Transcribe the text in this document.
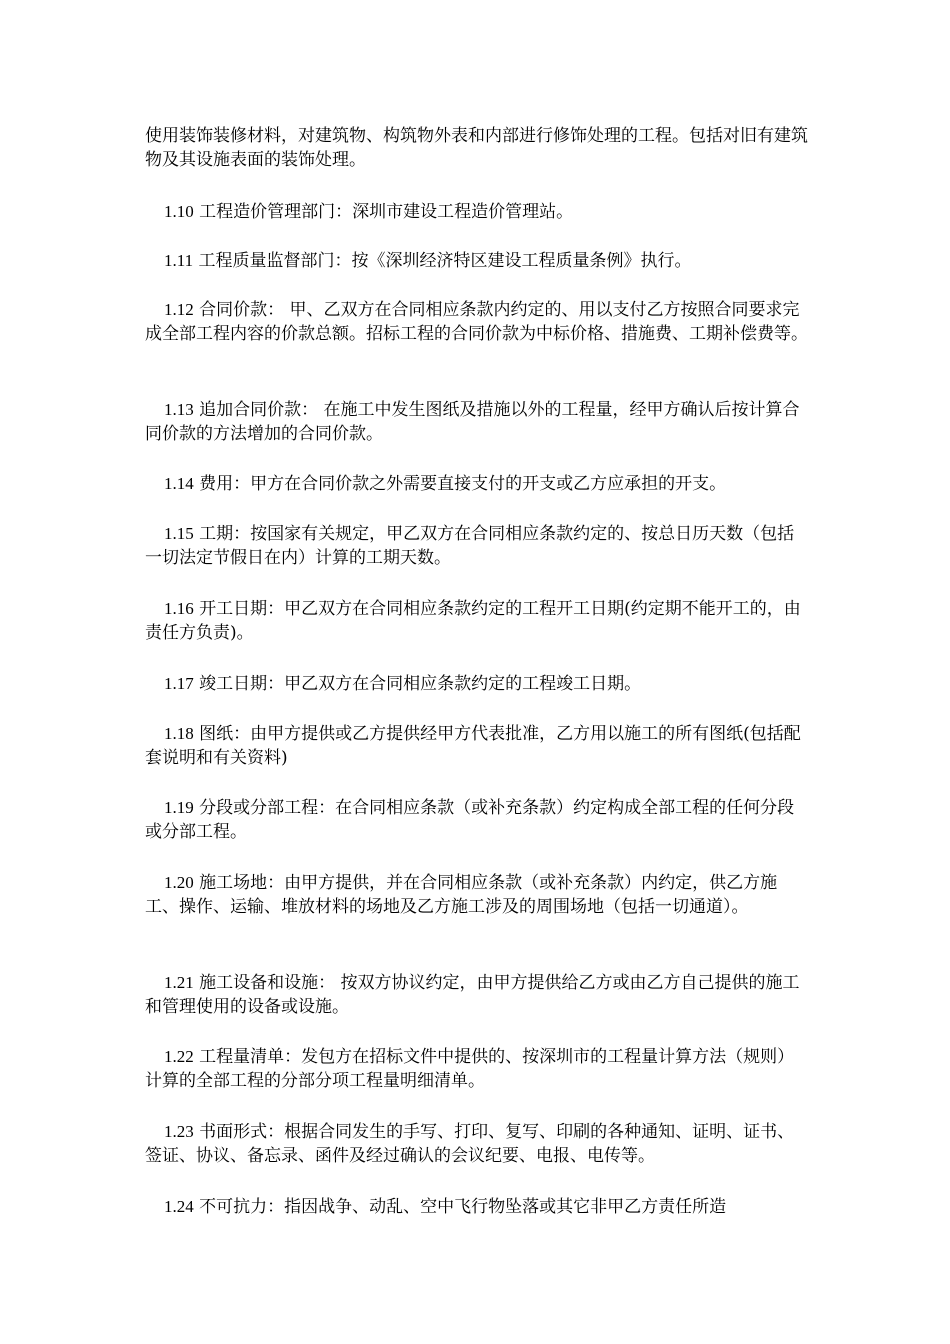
使用装饰装修材料，对建筑物、构筑物外表和内部进行修饰处理的工程。包括对旧有建筑物及其设施表面的装饰处理。

1.10 工程造价管理部门：深圳市建设工程造价管理站。

1.11 工程质量监督部门：按《深圳经济特区建设工程质量条例》执行。

1.12 合同价款： 甲、乙双方在合同相应条款内约定的、用以支付乙方按照合同要求完成全部工程内容的价款总额。招标工程的合同价款为中标价格、措施费、工期补偿费等。

1.13 追加合同价款： 在施工中发生图纸及措施以外的工程量，经甲方确认后按计算合同价款的方法增加的合同价款。

1.14 费用：甲方在合同价款之外需要直接支付的开支或乙方应承担的开支。

1.15 工期：按国家有关规定，甲乙双方在合同相应条款约定的、按总日历天数（包括一切法定节假日在内）计算的工期天数。

1.16 开工日期：甲乙双方在合同相应条款约定的工程开工日期(约定期不能开工的，由责任方负责)。

1.17 竣工日期：甲乙双方在合同相应条款约定的工程竣工日期。

1.18 图纸：由甲方提供或乙方提供经甲方代表批准，乙方用以施工的所有图纸(包括配套说明和有关资料)

1.19 分段或分部工程：在合同相应条款（或补充条款）约定构成全部工程的任何分段或分部工程。

1.20 施工场地：由甲方提供，并在合同相应条款（或补充条款）内约定，供乙方施工、操作、运输、堆放材料的场地及乙方施工涉及的周围场地（包括一切通道）。

1.21 施工设备和设施： 按双方协议约定，由甲方提供给乙方或由乙方自己提供的施工和管理使用的设备或设施。

1.22 工程量清单：发包方在招标文件中提供的、按深圳市的工程量计算方法（规则）计算的全部工程的分部分项工程量明细清单。

1.23 书面形式：根据合同发生的手写、打印、复写、印刷的各种通知、证明、证书、签证、协议、备忘录、函件及经过确认的会议纪要、电报、电传等。

1.24 不可抗力：指因战争、动乱、空中飞行物坠落或其它非甲乙方责任所造
